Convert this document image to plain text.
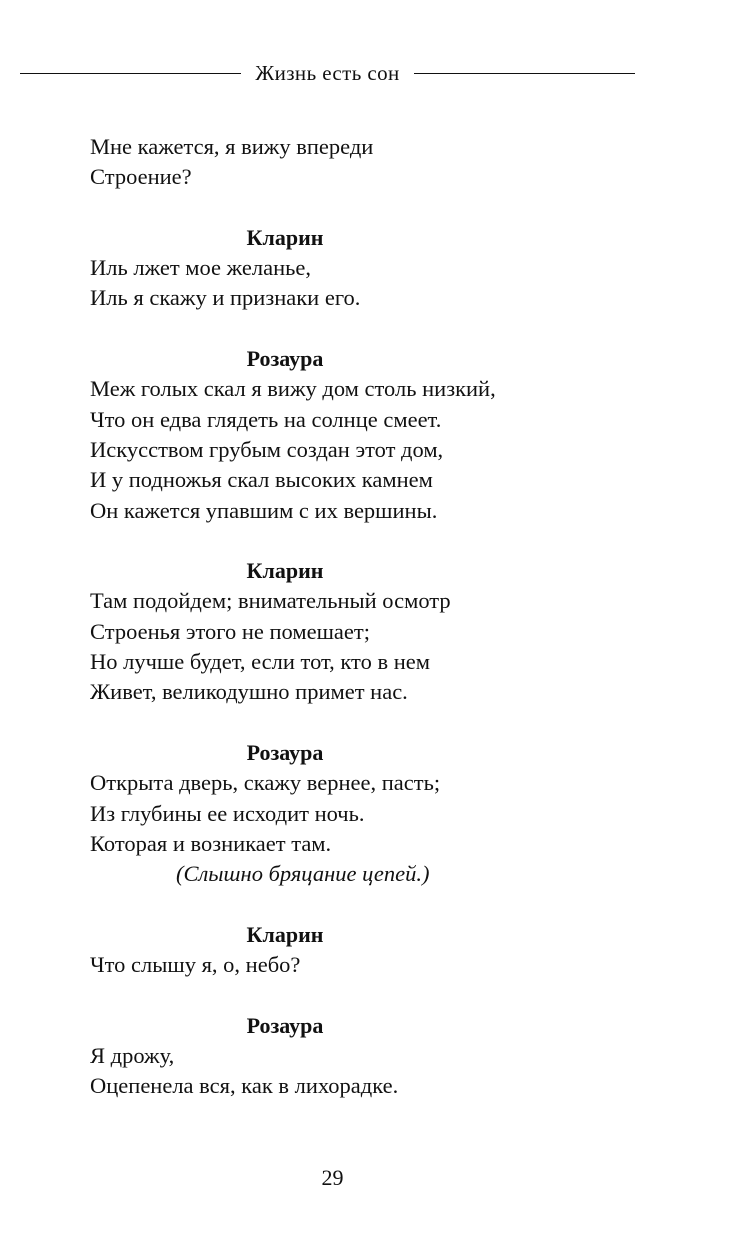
Жизнь есть сон
Мне кажется, я вижу впереди
Строение?
Кларин
Иль лжет мое желанье,
Иль я скажу и признаки его.
Розаура
Меж голых скал я вижу дом столь низкий,
Что он едва глядеть на солнце смеет.
Искусством грубым создан этот дом,
И у подножья скал высоких камнем
Он кажется упавшим с их вершины.
Кларин
Там подойдем; внимательный осмотр
Строенья этого не помешает;
Но лучше будет, если тот, кто в нем
Живет, великодушно примет нас.
Розаура
Открыта дверь, скажу вернее, пасть;
Из глубины ее исходит ночь.
Которая и возникает там.
(Слышно бряцание цепей.)
Кларин
Что слышу я, о, небо?
Розаура
Я дрожу,
Оцепенела вся, как в лихорадке.
29
